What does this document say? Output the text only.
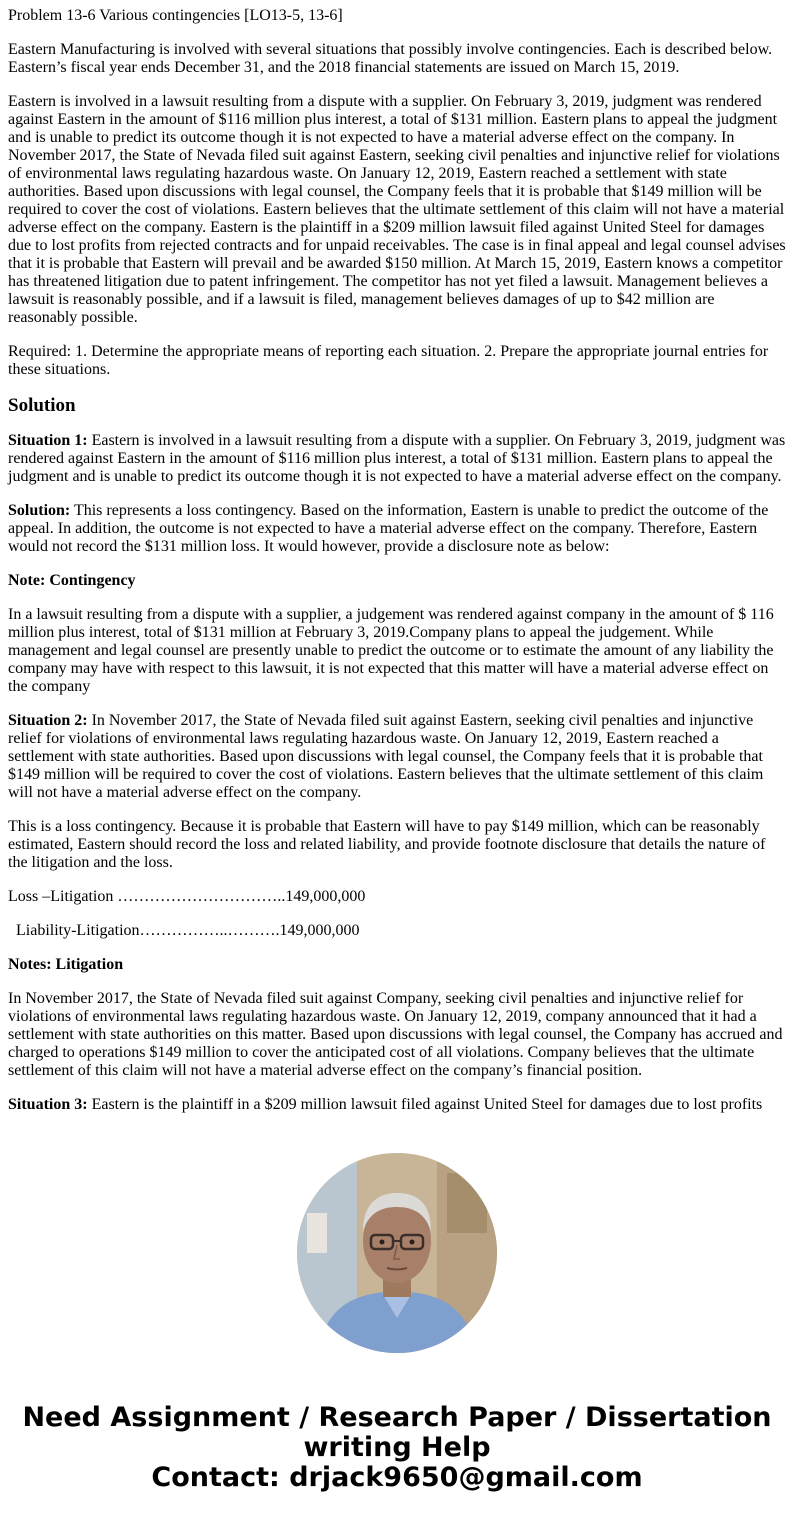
Problem 13-6 Various contingencies [LO13-5, 13-6]

Eastern Manufacturing is involved with several situations that possibly involve contingencies. Each is described below. Eastern’s fiscal year ends December 31, and the 2018 financial statements are issued on March 15, 2019.

Eastern is involved in a lawsuit resulting from a dispute with a supplier. On February 3, 2019, judgment was rendered against Eastern in the amount of $116 million plus interest, a total of $131 million. Eastern plans to appeal the judgment and is unable to predict its outcome though it is not expected to have a material adverse effect on the company. In November 2017, the State of Nevada filed suit against Eastern, seeking civil penalties and injunctive relief for violations of environmental laws regulating hazardous waste. On January 12, 2019, Eastern reached a settlement with state authorities. Based upon discussions with legal counsel, the Company feels that it is probable that $149 million will be required to cover the cost of violations. Eastern believes that the ultimate settlement of this claim will not have a material adverse effect on the company. Eastern is the plaintiff in a $209 million lawsuit filed against United Steel for damages due to lost profits from rejected contracts and for unpaid receivables. The case is in final appeal and legal counsel advises that it is probable that Eastern will prevail and be awarded $150 million. At March 15, 2019, Eastern knows a competitor has threatened litigation due to patent infringement. The competitor has not yet filed a lawsuit. Management believes a lawsuit is reasonably possible, and if a lawsuit is filed, management believes damages of up to $42 million are reasonably possible.

Required: 1. Determine the appropriate means of reporting each situation. 2. Prepare the appropriate journal entries for these situations.

Solution

Situation 1: Eastern is involved in a lawsuit resulting from a dispute with a supplier. On February 3, 2019, judgment was rendered against Eastern in the amount of $116 million plus interest, a total of $131 million. Eastern plans to appeal the judgment and is unable to predict its outcome though it is not expected to have a material adverse effect on the company.

Solution: This represents a loss contingency. Based on the information, Eastern is unable to predict the outcome of the appeal. In addition, the outcome is not expected to have a material adverse effect on the company. Therefore, Eastern would not record the $131 million loss. It would however, provide a disclosure note as below:

Note: Contingency

In a lawsuit resulting from a dispute with a supplier, a judgement was rendered against company in the amount of $ 116 million plus interest, total of $131 million at February 3, 2019.Company plans to appeal the judgement. While management and legal counsel are presently unable to predict the outcome or to estimate the amount of any liability the company may have with respect to this lawsuit, it is not expected that this matter will have a material adverse effect on the company

Situation 2: In November 2017, the State of Nevada filed suit against Eastern, seeking civil penalties and injunctive relief for violations of environmental laws regulating hazardous waste. On January 12, 2019, Eastern reached a settlement with state authorities. Based upon discussions with legal counsel, the Company feels that it is probable that $149 million will be required to cover the cost of violations. Eastern believes that the ultimate settlement of this claim will not have a material adverse effect on the company.

This is a loss contingency. Because it is probable that Eastern will have to pay $149 million, which can be reasonably estimated, Eastern should record the loss and related liability, and provide footnote disclosure that details the nature of the litigation and the loss.

Loss –Litigation …………………………..149,000,000

Liability-Litigation……………..……….149,000,000

Notes: Litigation

In November 2017, the State of Nevada filed suit against Company, seeking civil penalties and injunctive relief for violations of environmental laws regulating hazardous waste. On January 12, 2019, company announced that it had a settlement with state authorities on this matter. Based upon discussions with legal counsel, the Company has accrued and charged to operations $149 million to cover the anticipated cost of all violations. Company believes that the ultimate settlement of this claim will not have a material adverse effect on the company’s financial position.

Situation 3: Eastern is the plaintiff in a $209 million lawsuit filed against United Steel for damages due to lost profits

Need Assignment / Research Paper / Dissertation
writing Help
Contact: drjack9650@gmail.com
